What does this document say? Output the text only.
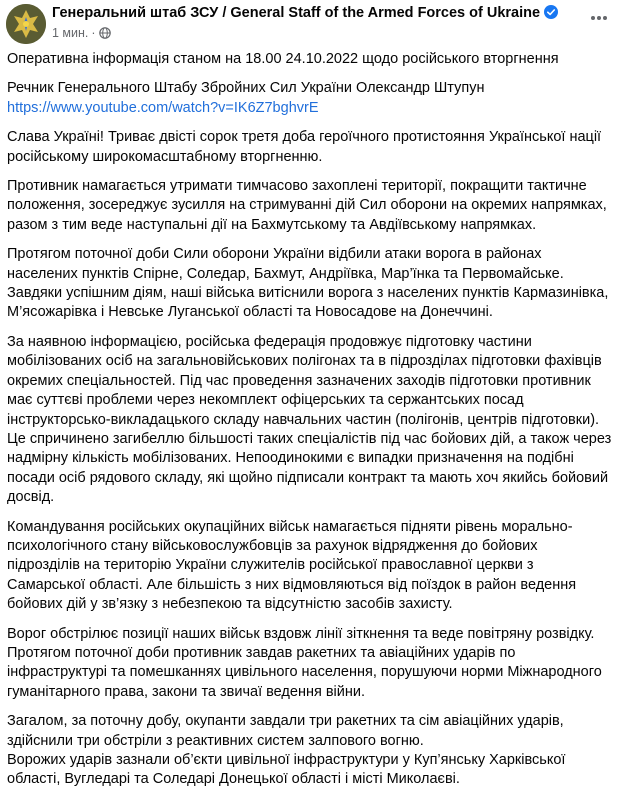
Генеральний штаб ЗСУ / General Staff of the Armed Forces of Ukraine
1 мин. ·

Оперативна інформація станом на 18.00 24.10.2022 щодо російського вторгнення

Речник Генерального Штабу Збройних Сил України Олександр Штупун
https://www.youtube.com/watch?v=IK6Z7bghvrE

Слава Україні! Триває двісті сорок третя доба героїчного протистояння Української нації російському широкомасштабному вторгненню.

Противник намагається утримати тимчасово захоплені території, покращити тактичне положення, зосереджує зусилля на стримуванні дій Сил оборони на окремих напрямках, разом з тим веде наступальні дії на Бахмутському та Авдіївському напрямках.

Протягом поточної доби Сили оборони України відбили атаки ворога в районах населених пунктів Спірне, Соледар, Бахмут, Андріївка, Мар’їнка та Первомайське. Завдяки успішним діям, наші війська витіснили ворога з населених пунктів Кармазинівка, М’ясожарівка і Невське Луганської області та Новосадове на Донеччині.

За наявною інформацією, російська федерація продовжує підготовку частини мобілізованих осіб на загальновійськових полігонах та в підрозділах підготовки фахівців окремих спеціальностей. Під час проведення зазначених заходів підготовки противник має суттєві проблеми через некомплект офіцерських та сержантських посад інструкторсько-викладацького складу навчальних частин (полігонів, центрів підготовки). Це спричинено загибеллю більшості таких спеціалістів під час бойових дій, а також через надмірну кількість мобілізованих. Непоодинокими є випадки призначення на подібні посади осіб рядового складу, які щойно підписали контракт та мають хоч якийсь бойовий досвід.

Командування російських окупаційних військ намагається підняти рівень морально-психологічного стану військовослужбовців за рахунок відрядження до бойових підрозділів на територію України служителів російської православної церкви з Самарської області. Але більшість з них відмовляються від поїздок в район ведення бойових дій у зв’язку з небезпекою та відсутністю засобів захисту.

Ворог обстрілює позиції наших військ вздовж лінії зіткнення та веде повітряну розвідку. Протягом поточної доби противник завдав ракетних та авіаційних ударів по інфраструктурі та помешканнях цивільного населення, порушуючи норми Міжнародного гуманітарного права, закони та звичаї ведення війни.

Загалом, за поточну добу, окупанти завдали три ракетних та сім авіаційних ударів, здійснили три обстріли з реактивних систем залпового вогню.
Ворожих ударів зазнали об’єкти цивільної інфраструктури у Куп’янську Харківської області, Вугледарі та Соледарі Донецької області і місті Миколаєві.
